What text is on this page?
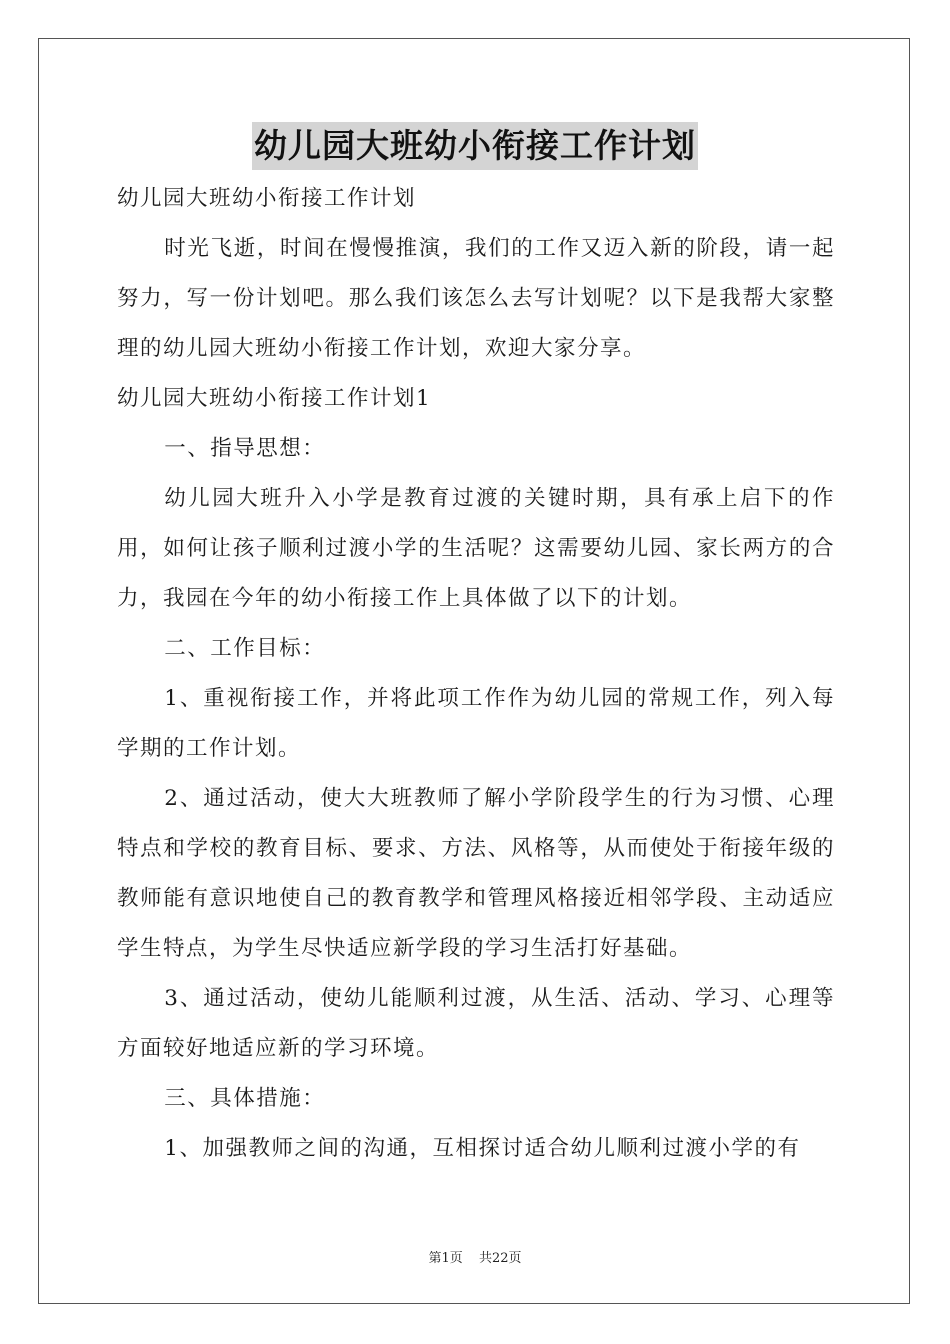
幼儿园大班幼小衔接工作计划

幼儿园大班幼小衔接工作计划

时光飞逝，时间在慢慢推演，我们的工作又迈入新的阶段，请一起努力，写一份计划吧。那么我们该怎么去写计划呢？以下是我帮大家整理的幼儿园大班幼小衔接工作计划，欢迎大家分享。

幼儿园大班幼小衔接工作计划1

一、指导思想：

幼儿园大班升入小学是教育过渡的关键时期，具有承上启下的作用，如何让孩子顺利过渡小学的生活呢？这需要幼儿园、家长两方的合力，我园在今年的幼小衔接工作上具体做了以下的计划。

二、工作目标：

1、重视衔接工作，并将此项工作作为幼儿园的常规工作，列入每学期的工作计划。

2、通过活动，使大大班教师了解小学阶段学生的行为习惯、心理特点和学校的教育目标、要求、方法、风格等，从而使处于衔接年级的教师能有意识地使自己的教育教学和管理风格接近相邻学段、主动适应学生特点，为学生尽快适应新学段的学习生活打好基础。

3、通过活动，使幼儿能顺利过渡，从生活、活动、学习、心理等方面较好地适应新的学习环境。

三、具体措施：

1、加强教师之间的沟通，互相探讨适合幼儿顺利过渡小学的有

第1页 共22页
